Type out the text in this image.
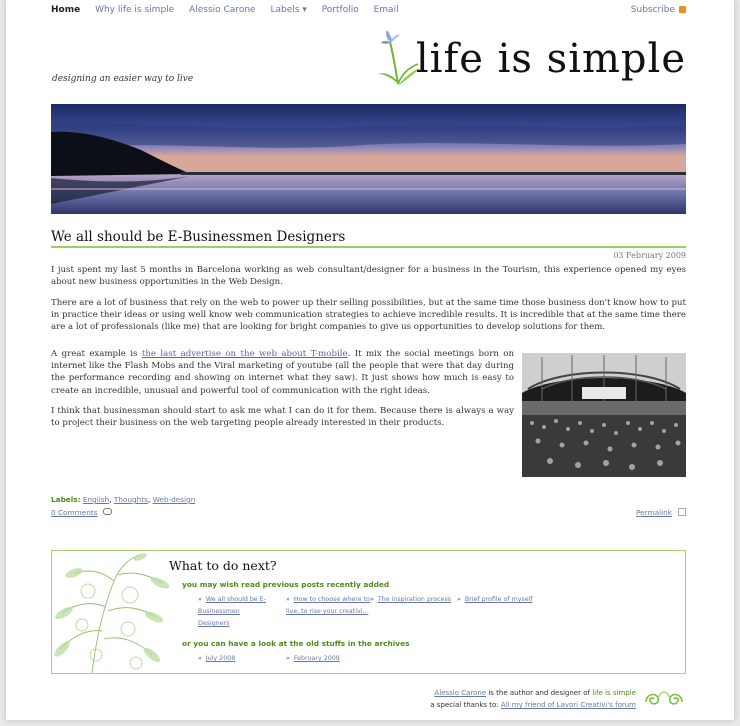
Home Why life is simple Alessio Carone Labels ▾ Portfolio Email	Subscribe
designing an easier way to live	life is simple
We all should be E-Businessmen Designers
03 February 2009

I just spent my last 5 months in Barcelona working as web consultant/designer for a business in the Tourism, this experience opened my eyes about new business opportunities in the Web Design.

There are a lot of business that rely on the web to power up their selling possibilities, but at the same time those business don't know how to put in practice their ideas or using well know web communication strategies to achieve incredible results. It is incredible that at the same time there are a lot of professionals (like me) that are looking for bright companies to give us opportunities to develop solutions for them.

A great example is the last advertise on the web about T-mobile. It mix the social meetings born on internet like the Flash Mobs and the Viral marketing of youtube (all the people that were that day during the performance recording and showing on internet what they saw). It just shows how much is easy to create an incredible, unusual and powerful tool of communication with the right ideas.

I think that businessman should start to ask me what I can do it for them. Because there is always a way to project their business on the web targeting people already interested in their products.

Labels: English, Thoughts, Web-design
0 Comments	Permalink
What to do next?
you may wish read previous posts recently added
» We all should be E-Businessmen Designers
» How to choose where to live, to rise your creativi...
» The inspiration process » Brief profile of myself
or you can have a look at the old stuffs in the archives
» July 2008	» February 2009
Alessio Carone is the author and designer of life is simple
a special thanks to: All my friend of Lavori Creativi's forum
